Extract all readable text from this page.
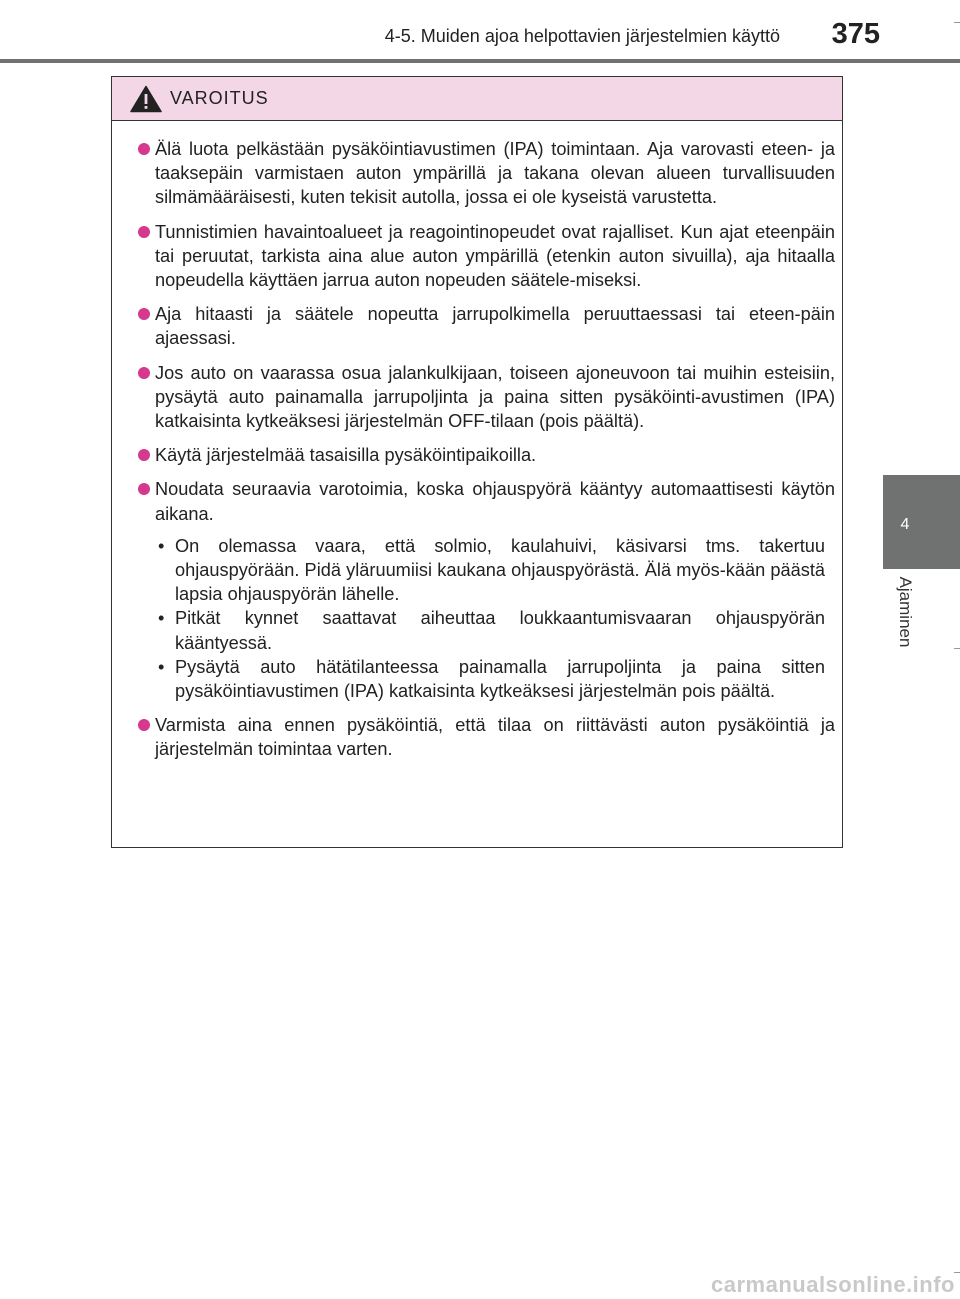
4-5. Muiden ajoa helpottavien järjestelmien käyttö	375
4
Ajaminen
VAROITUS
Älä luota pelkästään pysäköintiavustimen (IPA) toimintaan. Aja varovasti eteen- ja taaksepäin varmistaen auton ympärillä ja takana olevan alueen turvallisuuden silmämääräisesti, kuten tekisit autolla, jossa ei ole kyseistä varustetta.
Tunnistimien havaintoalueet ja reagointinopeudet ovat rajalliset. Kun ajat eteenpäin tai peruutat, tarkista aina alue auton ympärillä (etenkin auton sivuilla), aja hitaalla nopeudella käyttäen jarrua auton nopeuden säätele-miseksi.
Aja hitaasti ja säätele nopeutta jarrupolkimella peruuttaessasi tai eteen-päin ajaessasi.
Jos auto on vaarassa osua jalankulkijaan, toiseen ajoneuvoon tai muihin esteisiin, pysäytä auto painamalla jarrupoljinta ja paina sitten pysäköinti-avustimen (IPA) katkaisinta kytkeäksesi järjestelmän OFF-tilaan (pois päältä).
Käytä järjestelmää tasaisilla pysäköintipaikoilla.
Noudata seuraavia varotoimia, koska ohjauspyörä kääntyy automaattisesti käytön aikana.
• On olemassa vaara, että solmio, kaulahuivi, käsivarsi tms. takertuu ohjauspyörään. Pidä yläruumiisi kaukana ohjauspyörästä. Älä myös-kään päästä lapsia ohjauspyörän lähelle.
• Pitkät kynnet saattavat aiheuttaa loukkaantumisvaaran ohjauspyörän kääntyessä.
• Pysäytä auto hätätilanteessa painamalla jarrupoljinta ja paina sitten pysäköintiavustimen (IPA) katkaisinta kytkeäksesi järjestelmän pois päältä.
Varmista aina ennen pysäköintiä, että tilaa on riittävästi auton pysäköintiä ja järjestelmän toimintaa varten.
carmanualsonline.info
